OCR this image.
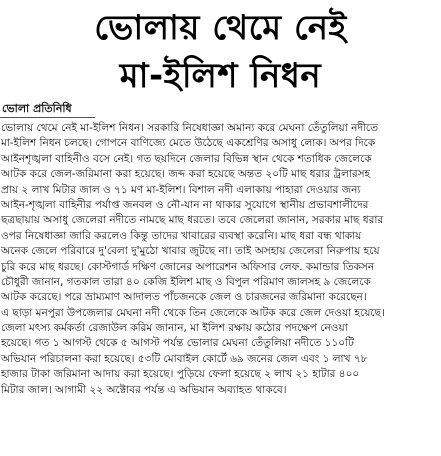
ভোলায় থেমে নেই
মা-ইলিশ নিধন
ভোলা প্রতিনিধি
ভোলায় থেমে নেই মা-ইলিশ নিধন। সরকারি নিষেধাজ্ঞা অমান্য করে মেঘনা তেঁতুলিয়া নদীতে
মা-ইলিশ নিধন চলছে। গোপনে বাণিজ্যে মেতে উঠেছে একশ্রেণির অসাধু লোক। অপর দিকে
আইনশৃঙ্খলা বাহিনীও বসে নেই। গত ছয়দিনে জেলার বিভিন্ন স্থান থেকে শতাধিক জেলেকে
আটক করে জেল-জরিমানা করা হয়েছে। জব্দ করা হয়েছে অন্তত ২০টি মাছ ধরার ট্রলারসহ
প্রায় ২ লাখ মিটার জাল ও ৭১ মণ মা-ইলিশ। বিশাল নদী এলাকায় পাহারা দেওয়ার জন্য
আইন-শৃঙ্খলা বাহিনীর পর্যাপ্ত জনবল ও নৌ-যান না থাকার সুযোগে স্থানীয় প্রভাবশালীদের
ছত্রছায়ায় অসাধু জেলেরা নদীতে নামছে মাছ ধরতে। তবে জেলেরা জানান, সরকার মাছ ধরার
ওপর নিষেধাজ্ঞা জারি করলেও কিন্তু তাদের খাবারের ব্যবস্থা করেনি। মাছ ধরা বন্ধ থাকায়
অনেক জেলে পরিবারে দু'বেলা দু'মুঠো খাবার জুটছে না। তাই অসহায় জেলেরা নিরুপায় হয়ে
চুরি করে মাছ ধরছে। কোস্টগার্ড দক্ষিণ জোনের অপারেশন অফিসার লেফ. কমান্ডার তিকসন
চৌধুরী জানান, গতকাল তারা ৪০ কেজি ইলিশ মাছ ও বিপুল পরিমাণ জালসহ ৯ জেলেকে
আটক করেছে। পরে ভ্রাম্যমাণ আদালত পাঁচজনকে জেল ও চারজনের জরিমানা করেছেন।
এ ছাড়া মনপুরা উপজেলার মেঘনা নদী থেকে তিন জেলেকে আটক করে জেল দেওয়া হয়েছে।
জেলা মৎস্য কর্মকর্তা রেজাউল করিম জানান, মা ইলিশ রক্ষায় কঠোর পদক্ষেপ নেওয়া
হয়েছে। গত ১ আগস্ট থেকে ৫ আগস্ট পর্যন্ত ভোলার মেঘনা তেঁতুলিয়া নদীতে ১১০টি
অভিযান পরিচালনা করা হয়েছে। ৫৩টি মোবাইল কোর্টে ৬৯ জনের জেল এবং ১ লাখ ৭৮
হাজার টাকা জরিমানা আদায় করা হয়েছে। পুড়িয়ে ফেলা হয়েছে ২ লাখ ২১ হাটার ৪০০
মিটার জাল। আগামী ২২ অক্টোবর পর্যন্ত এ অভিযান অব্যাহত থাকবে।
